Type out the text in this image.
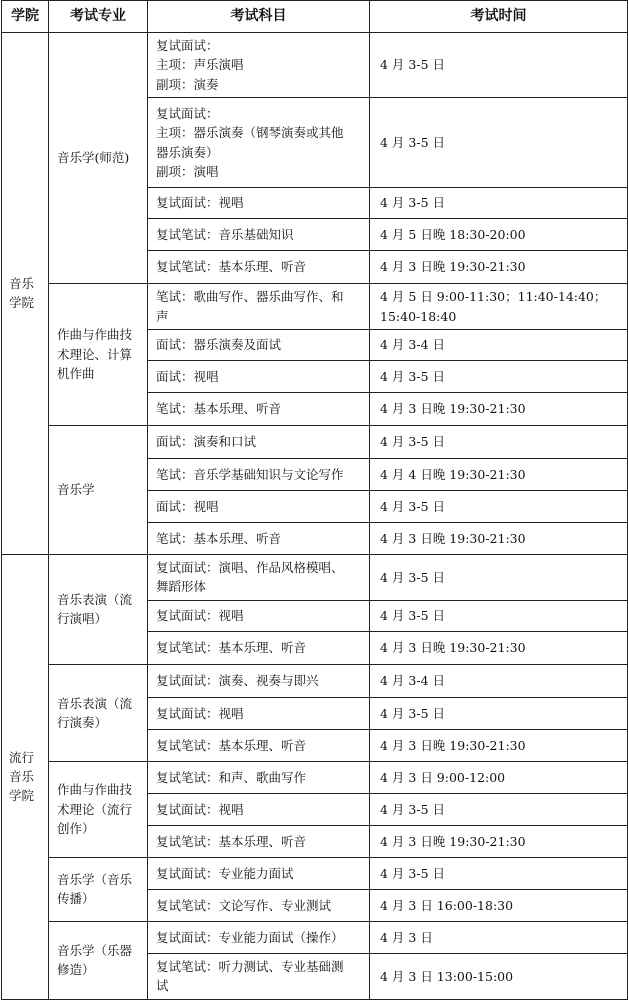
学院	考试专业	考试科目	考试时间
音乐
学院	音乐学(师范)	复试面试：
主项：声乐演唱
副项：演奏	4 月 3-5 日
		复试面试：
主项：器乐演奏（钢琴演奏或其他
器乐演奏）
副项：演唱	4 月 3-5 日
		复试面试：视唱	4 月 3-5 日
		复试笔试：音乐基础知识	4 月 5 日晚 18:30-20:00
		复试笔试：基本乐理、听音	4 月 3 日晚 19:30-21:30
	作曲与作曲技
术理论、计算
机作曲	笔试：歌曲写作、器乐曲写作、和
声	4 月 5 日 9:00-11:30；11:40-14:40；
15:40-18:40
		面试：器乐演奏及面试	4 月 3-4 日
		面试：视唱	4 月 3-5 日
		笔试：基本乐理、听音	4 月 3 日晚 19:30-21:30
	音乐学	面试：演奏和口试	4 月 3-5 日
		笔试：音乐学基础知识与文论写作	4 月 4 日晚 19:30-21:30
		面试：视唱	4 月 3-5 日
		笔试：基本乐理、听音	4 月 3 日晚 19:30-21:30
流行
音乐
学院	音乐表演（流
行演唱）	复试面试：演唱、作品风格模唱、
舞蹈形体	4 月 3-5 日
		复试面试：视唱	4 月 3-5 日
		复试笔试：基本乐理、听音	4 月 3 日晚 19:30-21:30
	音乐表演（流
行演奏）	复试面试：演奏、视奏与即兴	4 月 3-4 日
		复试面试：视唱	4 月 3-5 日
		复试笔试：基本乐理、听音	4 月 3 日晚 19:30-21:30
	作曲与作曲技
术理论（流行
创作）	复试笔试：和声、歌曲写作	4 月 3 日 9:00-12:00
		复试面试：视唱	4 月 3-5 日
		复试笔试：基本乐理、听音	4 月 3 日晚 19:30-21:30
	音乐学（音乐
传播）	复试面试：专业能力面试	4 月 3-5 日
		复试笔试：文论写作、专业测试	4 月 3 日 16:00-18:30
	音乐学（乐器
修造）	复试面试：专业能力面试（操作）	4 月 3 日
		复试笔试：听力测试、专业基础测
试	4 月 3 日 13:00-15:00
